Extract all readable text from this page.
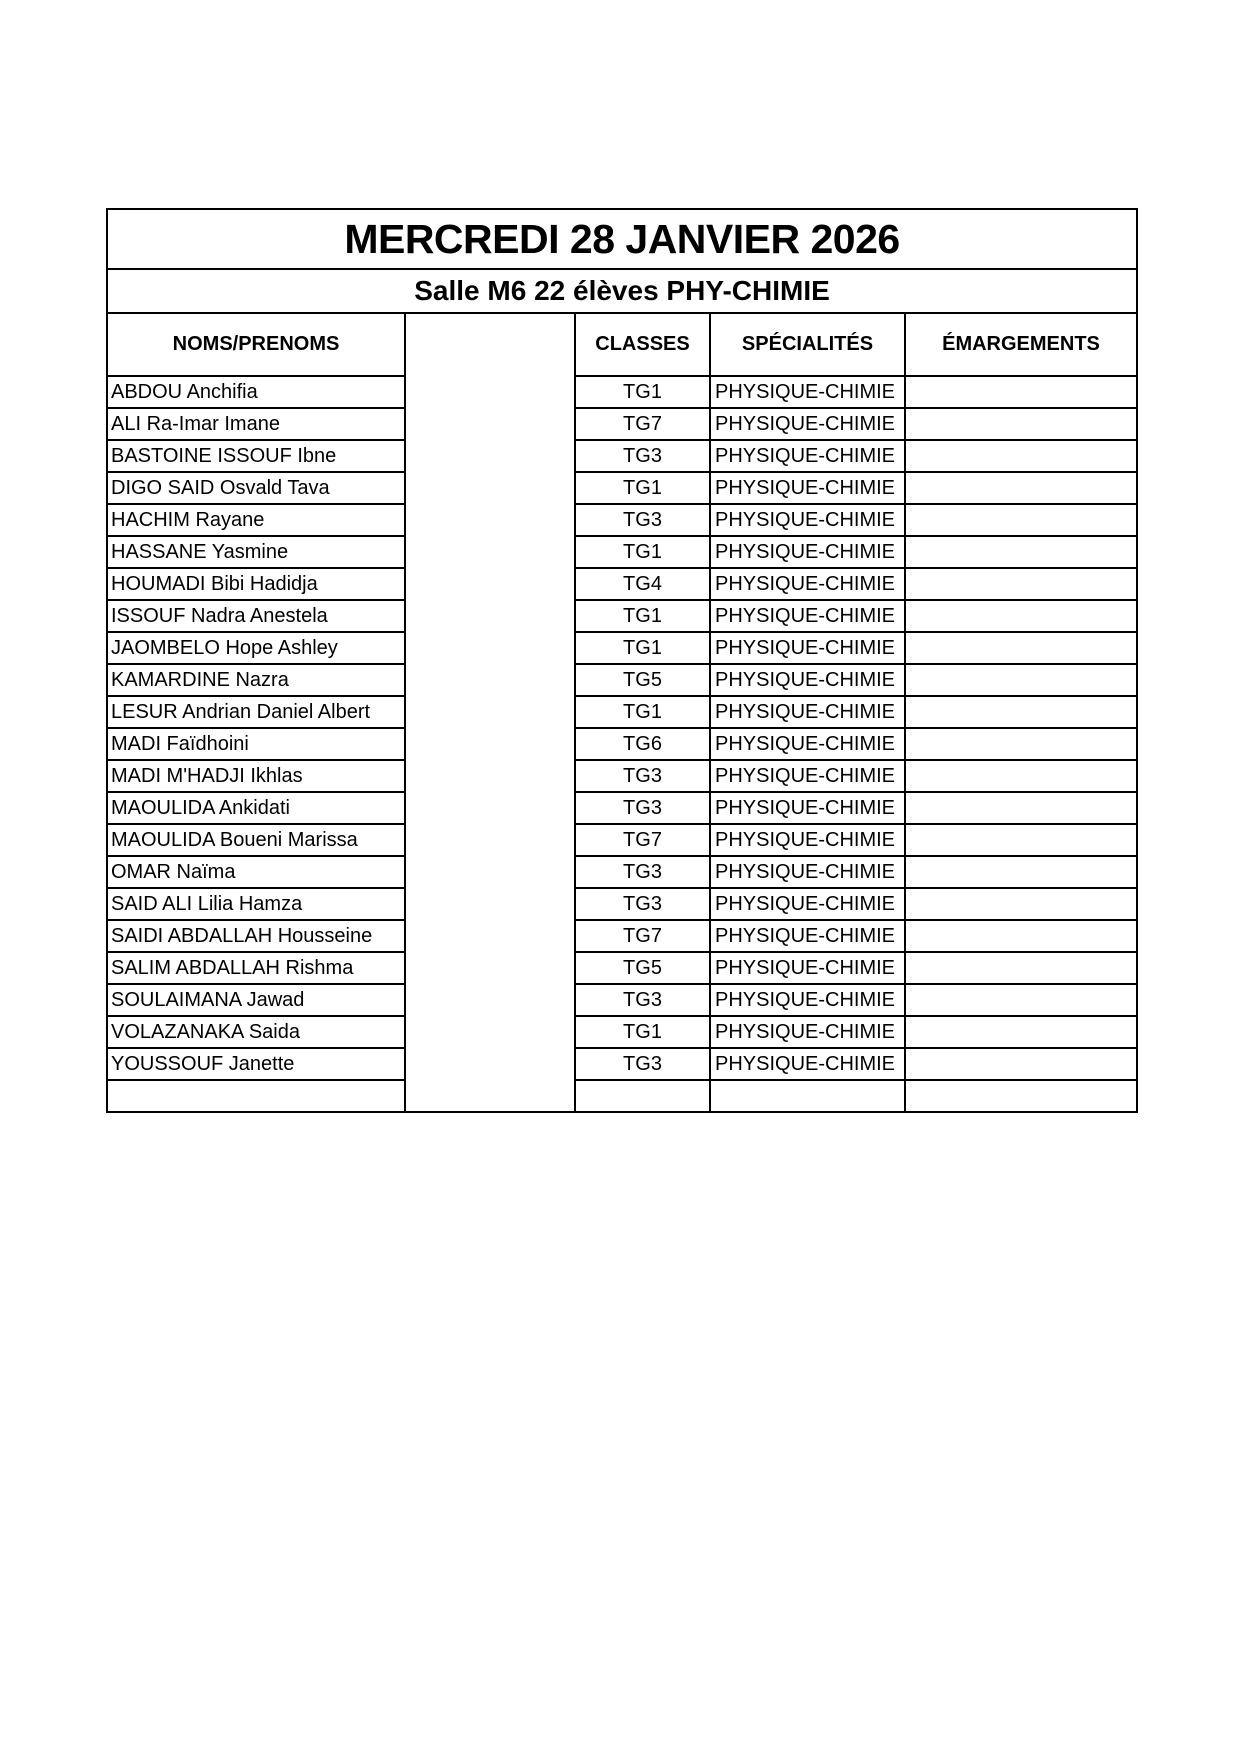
MERCREDI 28 JANVIER 2026				
Salle M6 22 élèves PHY-CHIMIE				
NOMS/PRENOMS		CLASSES	SPÉCIALITÉS	ÉMARGEMENTS
ABDOU Anchifia		TG1	PHYSIQUE-CHIMIE	
ALI Ra-Imar Imane		TG7	PHYSIQUE-CHIMIE	
BASTOINE ISSOUF Ibne		TG3	PHYSIQUE-CHIMIE	
DIGO SAID Osvald Tava		TG1	PHYSIQUE-CHIMIE	
HACHIM Rayane		TG3	PHYSIQUE-CHIMIE	
HASSANE Yasmine		TG1	PHYSIQUE-CHIMIE	
HOUMADI Bibi Hadidja		TG4	PHYSIQUE-CHIMIE	
ISSOUF Nadra Anestela		TG1	PHYSIQUE-CHIMIE	
JAOMBELO Hope Ashley		TG1	PHYSIQUE-CHIMIE	
KAMARDINE Nazra		TG5	PHYSIQUE-CHIMIE	
LESUR Andrian Daniel Albert		TG1	PHYSIQUE-CHIMIE	
MADI Faïdhoini		TG6	PHYSIQUE-CHIMIE	
MADI M'HADJI Ikhlas		TG3	PHYSIQUE-CHIMIE	
MAOULIDA Ankidati		TG3	PHYSIQUE-CHIMIE	
MAOULIDA Boueni Marissa		TG7	PHYSIQUE-CHIMIE	
OMAR Naïma		TG3	PHYSIQUE-CHIMIE	
SAID ALI Lilia Hamza		TG3	PHYSIQUE-CHIMIE	
SAIDI ABDALLAH Housseine		TG7	PHYSIQUE-CHIMIE	
SALIM ABDALLAH Rishma		TG5	PHYSIQUE-CHIMIE	
SOULAIMANA Jawad		TG3	PHYSIQUE-CHIMIE	
VOLAZANAKA Saida		TG1	PHYSIQUE-CHIMIE	
YOUSSOUF Janette		TG3	PHYSIQUE-CHIMIE	
